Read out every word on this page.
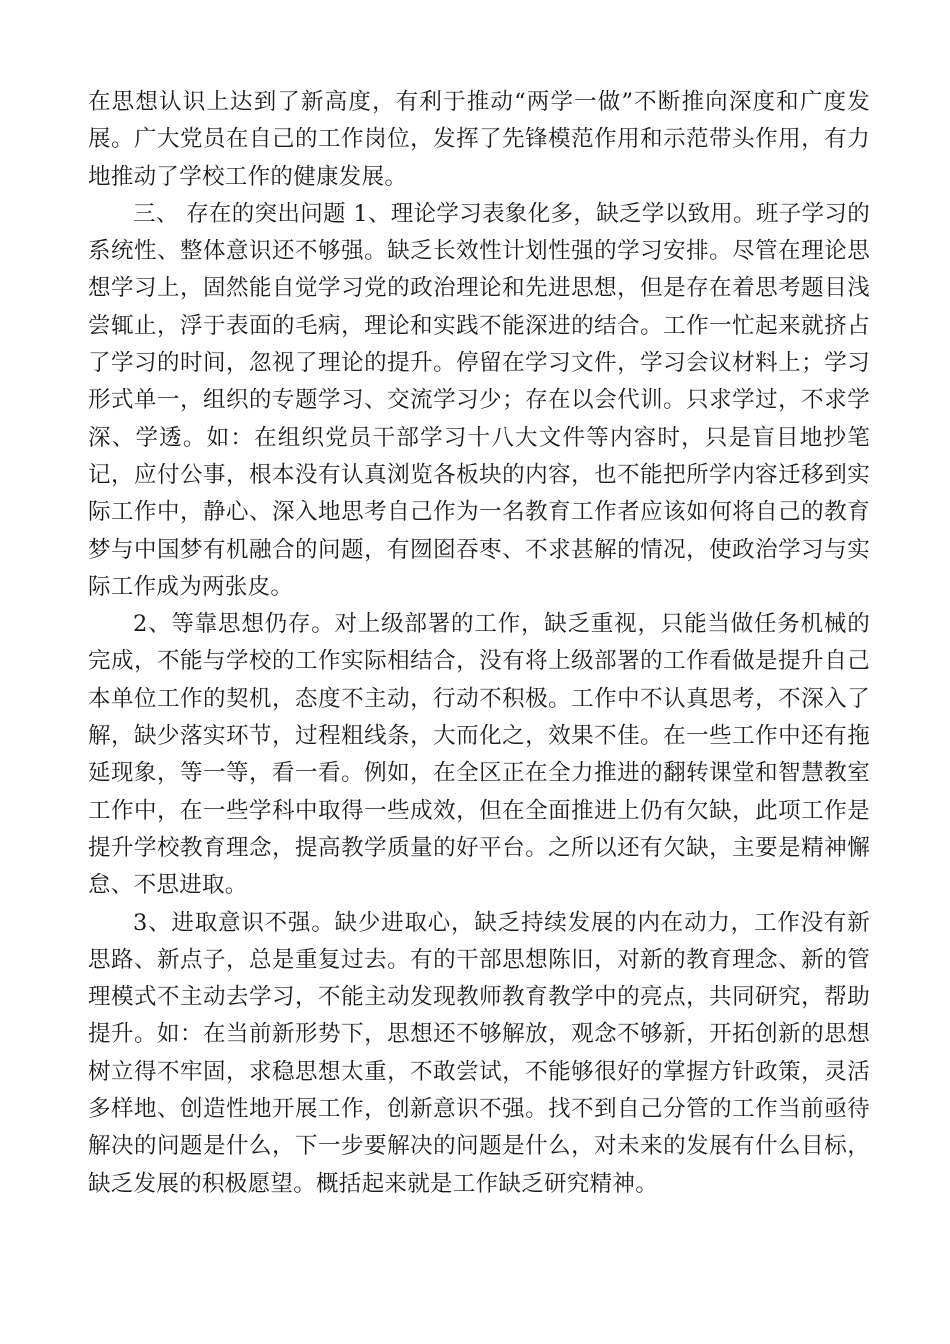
在思想认识上达到了新高度，有利于推动“两学一做”不断推向深度和广度发展。广大党员在自己的工作岗位，发挥了先锋模范作用和示范带头作用，有力地推动了学校工作的健康发展。

三、 存在的突出问题 1、理论学习表象化多，缺乏学以致用。班子学习的系统性、整体意识还不够强。缺乏长效性计划性强的学习安排。尽管在理论思想学习上，固然能自觉学习党的政治理论和先进思想，但是存在着思考题目浅尝辄止，浮于表面的毛病，理论和实践不能深进的结合。工作一忙起来就挤占了学习的时间，忽视了理论的提升。停留在学习文件，学习会议材料上；学习形式单一，组织的专题学习、交流学习少；存在以会代训。只求学过，不求学深、学透。如：在组织党员干部学习十八大文件等内容时，只是盲目地抄笔记，应付公事，根本没有认真浏览各板块的内容，也不能把所学内容迁移到实际工作中，静心、深入地思考自己作为一名教育工作者应该如何将自己的教育梦与中国梦有机融合的问题，有囫囵吞枣、不求甚解的情况，使政治学习与实际工作成为两张皮。

2、等靠思想仍存。对上级部署的工作，缺乏重视，只能当做任务机械的完成，不能与学校的工作实际相结合，没有将上级部署的工作看做是提升自己本单位工作的契机，态度不主动，行动不积极。工作中不认真思考，不深入了解，缺少落实环节，过程粗线条，大而化之，效果不佳。在一些工作中还有拖延现象，等一等，看一看。例如，在全区正在全力推进的翻转课堂和智慧教室工作中，在一些学科中取得一些成效，但在全面推进上仍有欠缺，此项工作是提升学校教育理念，提高教学质量的好平台。之所以还有欠缺，主要是精神懈怠、不思进取。

3、进取意识不强。缺少进取心，缺乏持续发展的内在动力，工作没有新思路、新点子，总是重复过去。有的干部思想陈旧，对新的教育理念、新的管理模式不主动去学习，不能主动发现教师教育教学中的亮点，共同研究，帮助提升。如：在当前新形势下，思想还不够解放，观念不够新，开拓创新的思想树立得不牢固，求稳思想太重，不敢尝试，不能够很好的掌握方针政策，灵活多样地、创造性地开展工作，创新意识不强。找不到自己分管的工作当前亟待解决的问题是什么，下一步要解决的问题是什么，对未来的发展有什么目标，缺乏发展的积极愿望。概括起来就是工作缺乏研究精神。
